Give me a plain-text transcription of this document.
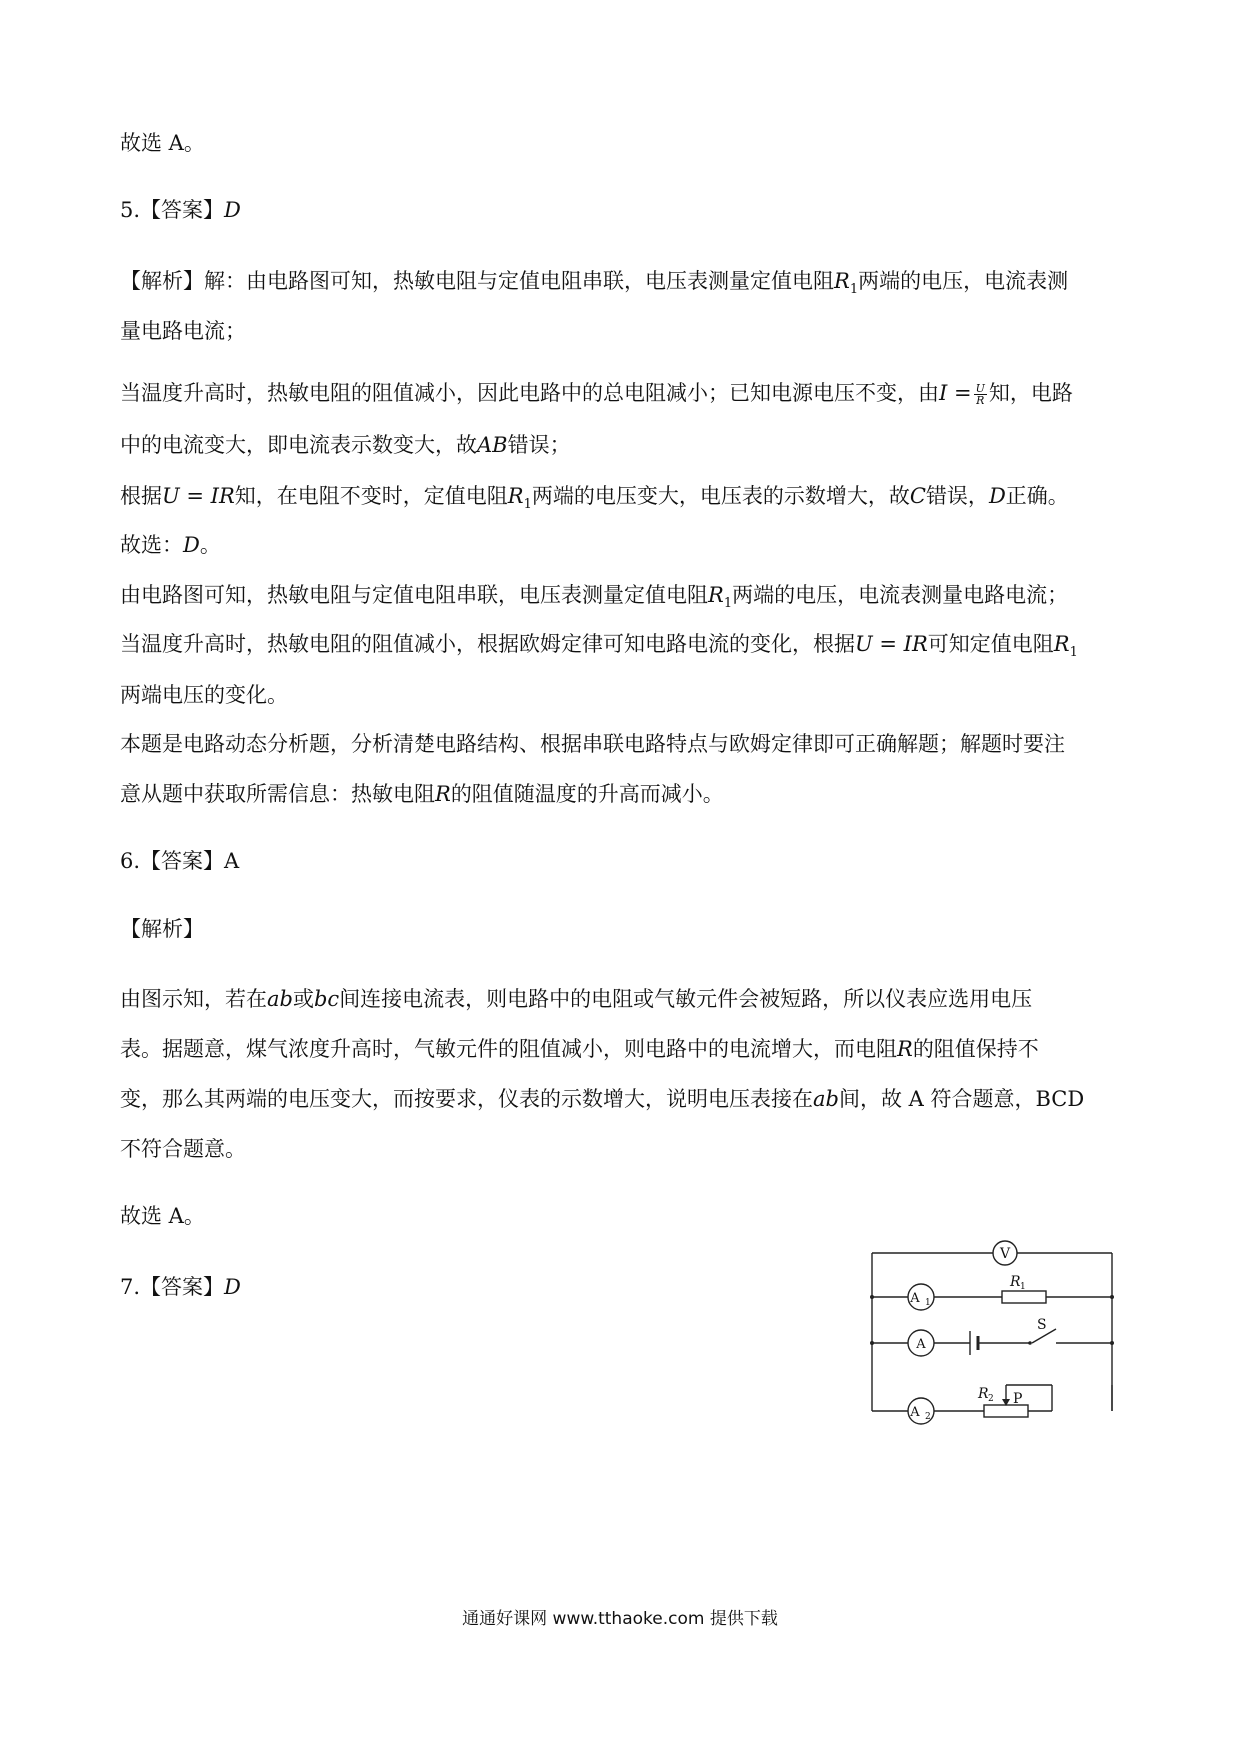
故选 A。
5.【答案】D
【解析】解：由电路图可知，热敏电阻与定值电阻串联，电压表测量定值电阻$R_1$两端的电压，电流表测
量电路电流；
当温度升高时，热敏电阻的阻值减小，因此电路中的总电阻减小；已知电源电压不变，由$I = \frac{U}{R}$ 知，电路
中的电流变大，即电流表示数变大，故AB错误；
根据U = IR知，在电阻不变时，定值电阻$R_1$两端的电压变大，电压表的示数增大，故C错误，D正确。
故选：D。
由电路图可知，热敏电阻与定值电阻串联，电压表测量定值电阻$R_1$两端的电压，电流表测量电路电流；
当温度升高时，热敏电阻的阻值减小，根据欧姆定律可知电路电流的变化，根据U = IR可知定值电阻$R_1$
两端电压的变化。
本题是电路动态分析题，分析清楚电路结构、根据串联电路特点与欧姆定律即可正确解题；解题时要注
意从题中获取所需信息：热敏电阻R的阻值随温度的升高而减小。
6.【答案】A
【解析】
由图示知，若在ab或bc间连接电流表，则电路中的电阻或气敏元件会被短路，所以仪表应选用电压
表。据题意，煤气浓度升高时，气敏元件的阻值减小，则电路中的电流增大，而电阻R的阻值保持不
变，那么其两端的电压变大，而按要求，仪表的示数增大，说明电压表接在ab间，故 A 符合题意，BCD
不符合题意。
故选 A。
7.【答案】D
V
A 1
A
A 2
R 1
S
R 2 P
通通好课网 www.tthaoke.com 提供下载
